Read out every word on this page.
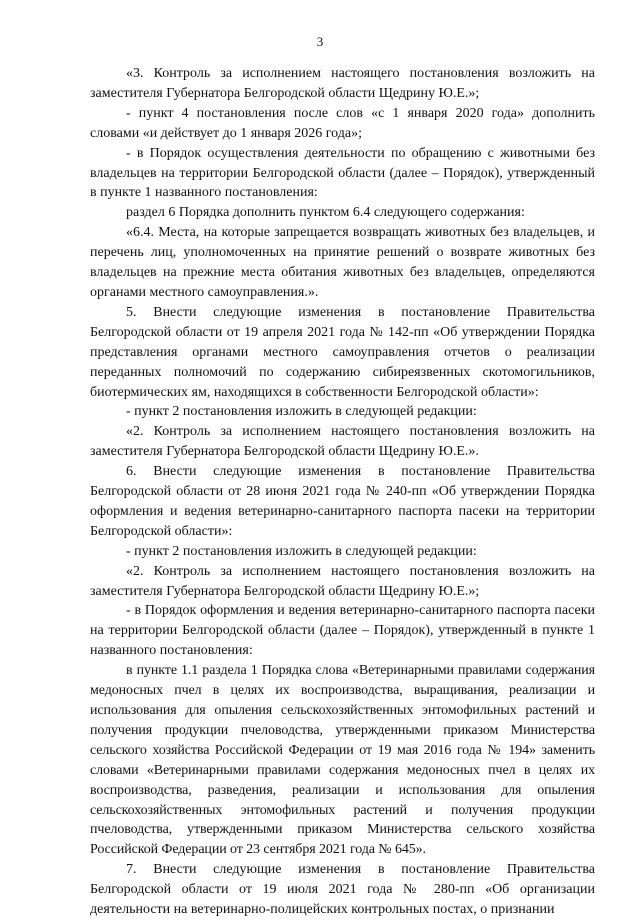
3

«3. Контроль за исполнением настоящего постановления возложить на заместителя Губернатора Белгородской области Щедрину Ю.Е.»;

- пункт 4 постановления после слов «с 1 января 2020 года» дополнить словами «и действует до 1 января 2026 года»;

- в Порядок осуществления деятельности по обращению с животными без владельцев на территории Белгородской области (далее – Порядок), утвержденный в пункте 1 названного постановления:

раздел 6 Порядка дополнить пунктом 6.4 следующего содержания:

«6.4. Места, на которые запрещается возвращать животных без владельцев, и перечень лиц, уполномоченных на принятие решений о возврате животных без владельцев на прежние места обитания животных без владельцев, определяются органами местного самоуправления.».

5. Внести следующие изменения в постановление Правительства Белгородской области от 19 апреля 2021 года № 142-пп «Об утверждении Порядка представления органами местного самоуправления отчетов о реализации переданных полномочий по содержанию сибиреязвенных скотомогильников, биотермических ям, находящихся в собственности Белгородской области»:

- пункт 2 постановления изложить в следующей редакции:

«2. Контроль за исполнением настоящего постановления возложить на заместителя Губернатора Белгородской области Щедрину Ю.Е.».

6. Внести следующие изменения в постановление Правительства Белгородской области от 28 июня 2021 года № 240-пп «Об утверждении Порядка оформления и ведения ветеринарно-санитарного паспорта пасеки на территории Белгородской области»:

- пункт 2 постановления изложить в следующей редакции:

«2. Контроль за исполнением настоящего постановления возложить на заместителя Губернатора Белгородской области Щедрину Ю.Е.»;

- в Порядок оформления и ведения ветеринарно-санитарного паспорта пасеки на территории Белгородской области (далее – Порядок), утвержденный в пункте 1 названного постановления:

в пункте 1.1 раздела 1 Порядка слова «Ветеринарными правилами содержания медоносных пчел в целях их воспроизводства, выращивания, реализации и использования для опыления сельскохозяйственных энтомофильных растений и получения продукции пчеловодства, утвержденными приказом Министерства сельского хозяйства Российской Федерации от 19 мая 2016 года № 194» заменить словами «Ветеринарными правилами содержания медоносных пчел в целях их воспроизводства, разведения, реализации и использования для опыления сельскохозяйственных энтомофильных растений и получения продукции пчеловодства, утвержденными приказом Министерства сельского хозяйства Российской Федерации от 23 сентября 2021 года № 645».

7. Внести следующие изменения в постановление Правительства Белгородской области от 19 июля 2021 года № 280-пп «Об организации деятельности на ветеринарно-полицейских контрольных постах, о признании
